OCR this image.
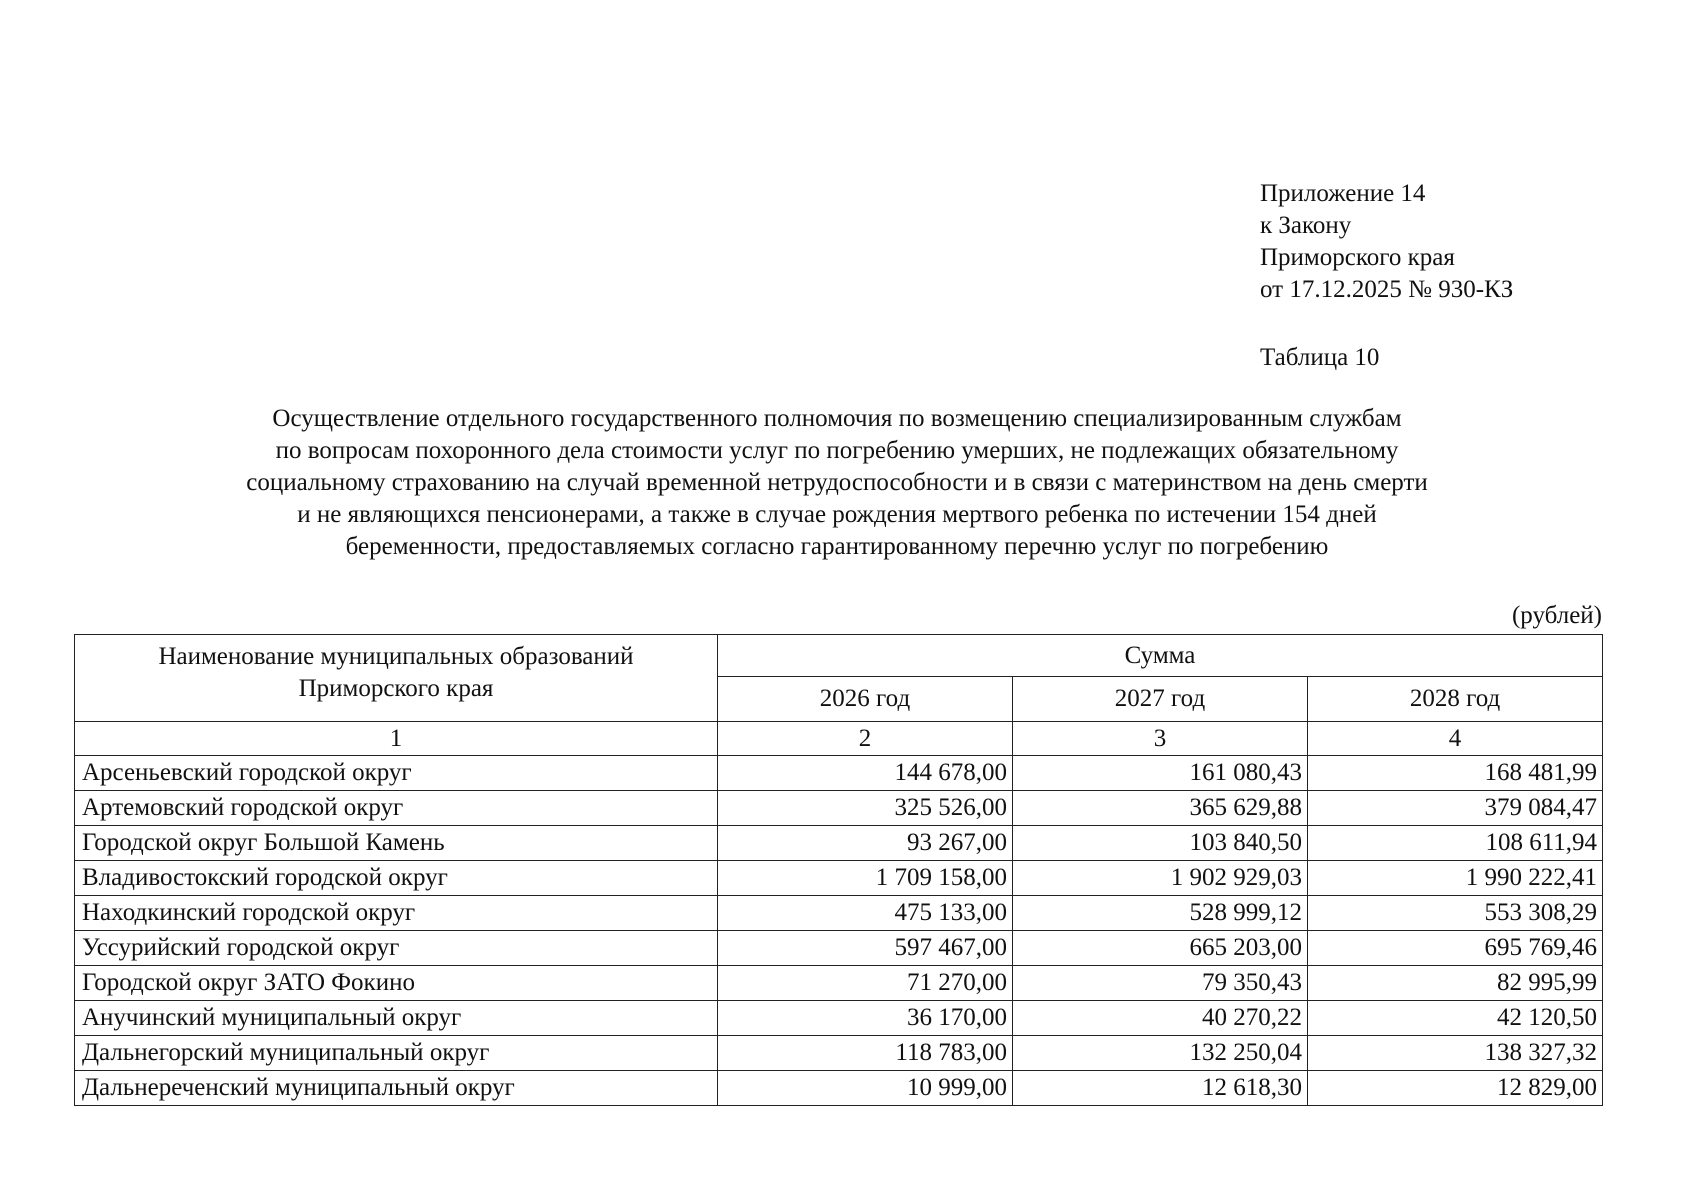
Приложение 14
к Закону
Приморского края
от 17.12.2025 № 930-КЗ
Таблица 10
Осуществление отдельного государственного полномочия по возмещению специализированным службам
по вопросам похоронного дела стоимости услуг по погребению умерших, не подлежащих обязательному
социальному страхованию на случай временной нетрудоспособности и в связи с материнством на день смерти
и не являющихся пенсионерами, а также в случае рождения мертвого ребенка по истечении 154 дней
беременности, предоставляемых согласно гарантированному перечню услуг по погребению
(рублей)
Наименование муниципальных образований
Приморского края	Сумма		
	2026 год	2027 год	2028 год
1	2	3	4
Арсеньевский городской округ	144 678,00	161 080,43	168 481,99
Артемовский городской округ	325 526,00	365 629,88	379 084,47
Городской округ Большой Камень	93 267,00	103 840,50	108 611,94
Владивостокский городской округ	1 709 158,00	1 902 929,03	1 990 222,41
Находкинский городской округ	475 133,00	528 999,12	553 308,29
Уссурийский городской округ	597 467,00	665 203,00	695 769,46
Городской округ ЗАТО Фокино	71 270,00	79 350,43	82 995,99
Анучинский муниципальный округ	36 170,00	40 270,22	42 120,50
Дальнегорский муниципальный округ	118 783,00	132 250,04	138 327,32
Дальнереченский муниципальный округ	10 999,00	12 618,30	12 829,00
